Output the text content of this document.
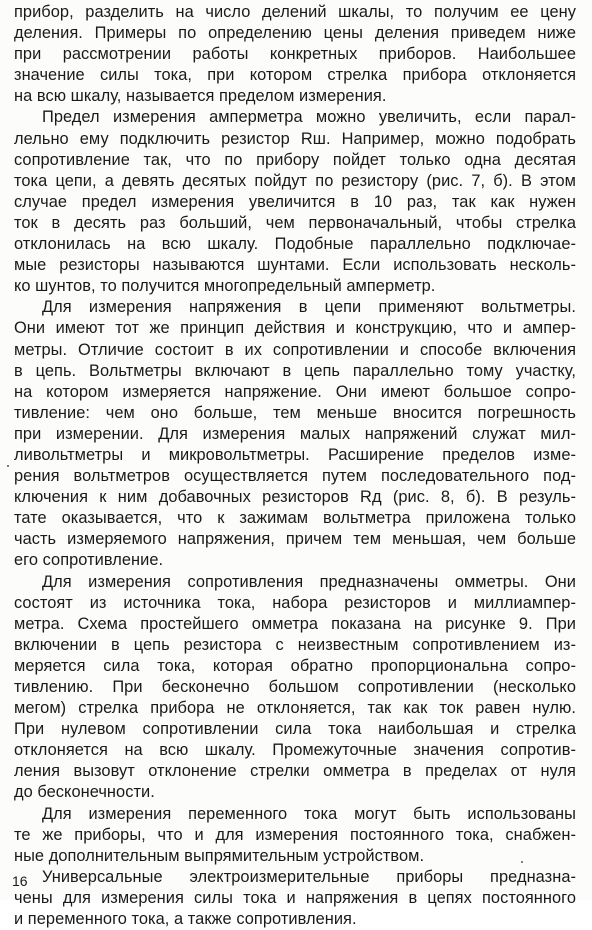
прибор, разделить на число делений шкалы, то получим ее цену
деления. Примеры по определению цены деления приведем ниже
при рассмотрении работы конкретных приборов. Наибольшее
значение силы тока, при котором стрелка прибора отклоняется
на всю шкалу, называется пределом измерения.
Предел измерения амперметра можно увеличить, если парал-
лельно ему подключить резистор Rш. Например, можно подобрать
сопротивление так, что по прибору пойдет только одна десятая
тока цепи, а девять десятых пойдут по резистору (рис. 7, б). В этом
случае предел измерения увеличится в 10 раз, так как нужен
ток в десять раз больший, чем первоначальный, чтобы стрелка
отклонилась на всю шкалу. Подобные параллельно подключае-
мые резисторы называются шунтами. Если использовать несколь-
ко шунтов, то получится многопредельный амперметр.
Для измерения напряжения в цепи применяют вольтметры.
Они имеют тот же принцип действия и конструкцию, что и ампер-
метры. Отличие состоит в их сопротивлении и способе включения
в цепь. Вольтметры включают в цепь параллельно тому участку,
на котором измеряется напряжение. Они имеют большое сопро-
тивление: чем оно больше, тем меньше вносится погрешность
при измерении. Для измерения малых напряжений служат мил-
ливольтметры и микровольтметры. Расширение пределов изме-
рения вольтметров осуществляется путем последовательного под-
ключения к ним добавочных резисторов Rд (рис. 8, б). В резуль-
тате оказывается, что к зажимам вольтметра приложена только
часть измеряемого напряжения, причем тем меньшая, чем больше
его сопротивление.
Для измерения сопротивления предназначены омметры. Они
состоят из источника тока, набора резисторов и миллиампер-
метра. Схема простейшего омметра показана на рисунке 9. При
включении в цепь резистора с неизвестным сопротивлением из-
меряется сила тока, которая обратно пропорциональна сопро-
тивлению. При бесконечно большом сопротивлении (несколько
мегом) стрелка прибора не отклоняется, так как ток равен нулю.
При нулевом сопротивлении сила тока наибольшая и стрелка
отклоняется на всю шкалу. Промежуточные значения сопротив-
ления вызовут отклонение стрелки омметра в пределах от нуля
до бесконечности.
Для измерения переменного тока могут быть использованы
те же приборы, что и для измерения постоянного тока, снабжен-
ные дополнительным выпрямительным устройством.
Универсальные электроизмерительные приборы предназна-
чены для измерения силы тока и напряжения в цепях постоянного
и переменного тока, а также сопротивления.
16
